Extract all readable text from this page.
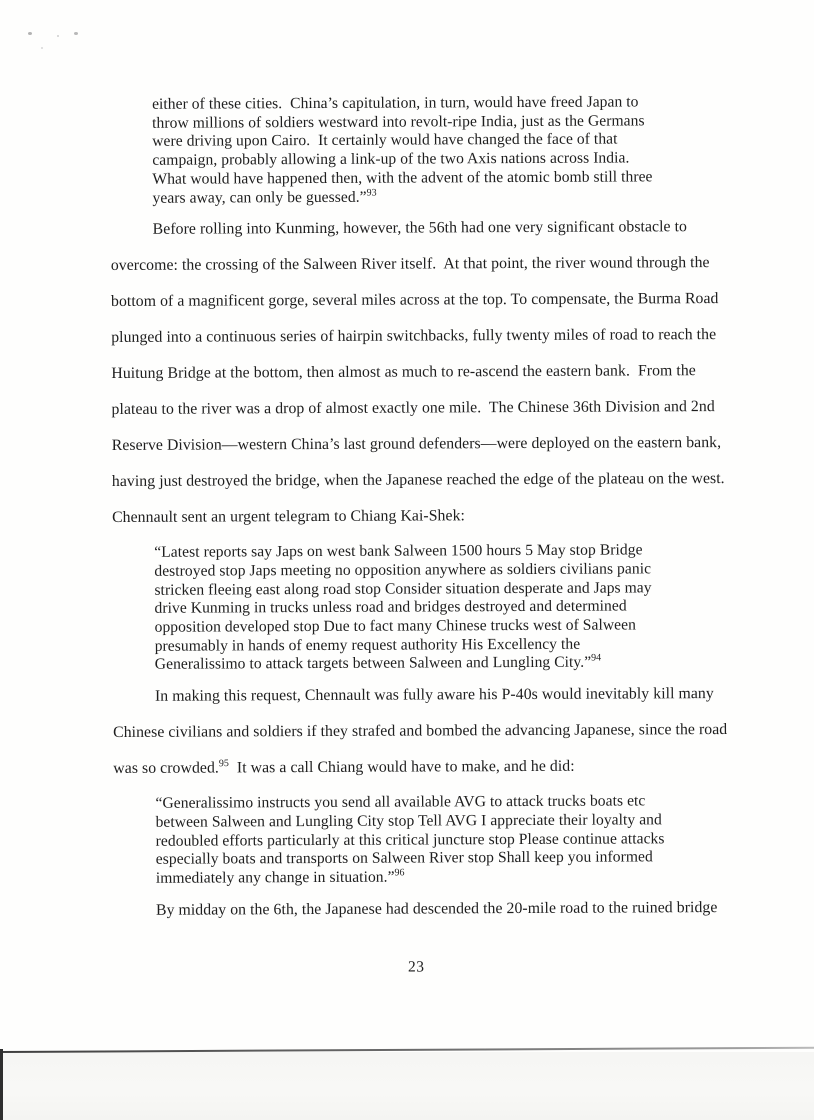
either of these cities.  China’s capitulation, in turn, would have freed Japan to
throw millions of soldiers westward into revolt-ripe India, just as the Germans
were driving upon Cairo.  It certainly would have changed the face of that
campaign, probably allowing a link-up of the two Axis nations across India.
What would have happened then, with the advent of the atomic bomb still three
years away, can only be guessed.”$^{93}$
Before rolling into Kunming, however, the 56th had one very significant obstacle to
overcome: the crossing of the Salween River itself.  At that point, the river wound through the
bottom of a magnificent gorge, several miles across at the top. To compensate, the Burma Road
plunged into a continuous series of hairpin switchbacks, fully twenty miles of road to reach the
Huitung Bridge at the bottom, then almost as much to re-ascend the eastern bank.  From the
plateau to the river was a drop of almost exactly one mile.  The Chinese 36th Division and 2nd
Reserve Division—western China’s last ground defenders—were deployed on the eastern bank,
having just destroyed the bridge, when the Japanese reached the edge of the plateau on the west.
Chennault sent an urgent telegram to Chiang Kai-Shek:
“Latest reports say Japs on west bank Salween 1500 hours 5 May stop Bridge
destroyed stop Japs meeting no opposition anywhere as soldiers civilians panic
stricken fleeing east along road stop Consider situation desperate and Japs may
drive Kunming in trucks unless road and bridges destroyed and determined
opposition developed stop Due to fact many Chinese trucks west of Salween
presumably in hands of enemy request authority His Excellency the
Generalissimo to attack targets between Salween and Lungling City.”$^{94}$
In making this request, Chennault was fully aware his P-40s would inevitably kill many
Chinese civilians and soldiers if they strafed and bombed the advancing Japanese, since the road
was so crowded.$^{95}$  It was a call Chiang would have to make, and he did:
“Generalissimo instructs you send all available AVG to attack trucks boats etc
between Salween and Lungling City stop Tell AVG I appreciate their loyalty and
redoubled efforts particularly at this critical juncture stop Please continue attacks
especially boats and transports on Salween River stop Shall keep you informed
immediately any change in situation.”$^{96}$
By midday on the 6th, the Japanese had descended the 20-mile road to the ruined bridge
23
